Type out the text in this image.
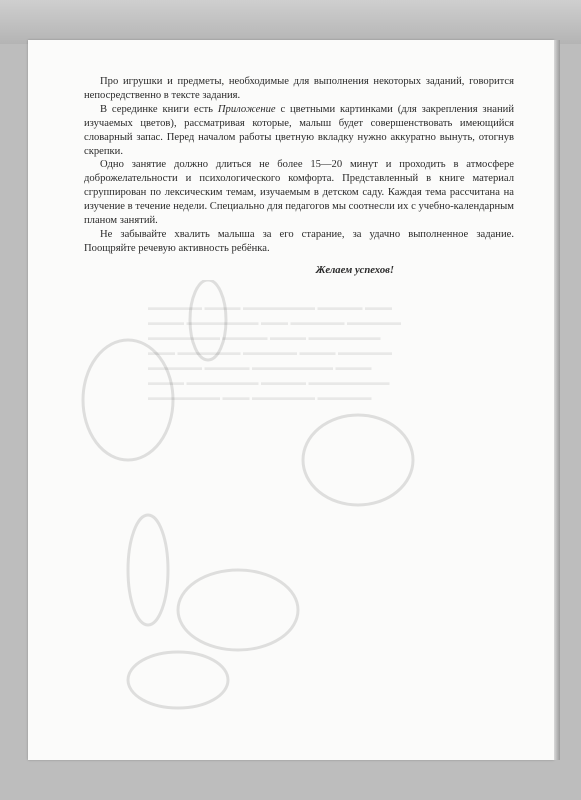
▬▬▬▬▬▬ ▬▬▬▬ ▬▬▬▬▬▬▬▬ ▬▬▬▬▬ ▬▬▬
▬▬▬▬ ▬▬▬▬▬▬▬▬ ▬▬▬ ▬▬▬▬▬▬ ▬▬▬▬▬▬
▬▬▬▬▬▬▬▬ ▬▬▬▬▬ ▬▬▬▬ ▬▬▬▬▬▬▬▬
▬▬▬ ▬▬▬▬▬▬▬ ▬▬▬▬▬▬ ▬▬▬▬ ▬▬▬▬▬▬
▬▬▬▬▬▬ ▬▬▬▬▬ ▬▬▬▬▬▬▬▬▬ ▬▬▬▬
▬▬▬▬ ▬▬▬▬▬▬▬▬ ▬▬▬▬▬ ▬▬▬▬▬▬▬▬▬
▬▬▬▬▬▬▬▬ ▬▬▬ ▬▬▬▬▬▬▬ ▬▬▬▬▬▬

Про игрушки и предметы, необходимые для выполнения некоторых заданий, говорится непосредственно в тексте задания.

В серединке книги есть Приложение с цветными картинками (для закрепления знаний изучаемых цветов), рассматривая которые, малыш будет совершенствовать имеющийся словарный запас. Перед началом работы цветную вкладку нужно аккуратно вынуть, отогнув скрепки.

Одно занятие должно длиться не более 15—20 минут и проходить в атмосфере доброжелательности и психологического комфорта. Представленный в книге материал сгруппирован по лексическим темам, изучаемым в детском саду. Каждая тема рассчитана на изучение в течение недели. Специально для педагогов мы соотнесли их с учебно-календарным планом занятий.

Не забывайте хвалить малыша за его старание, за удачно выполненное задание. Поощряйте речевую активность ребёнка.

Желаем успехов!
